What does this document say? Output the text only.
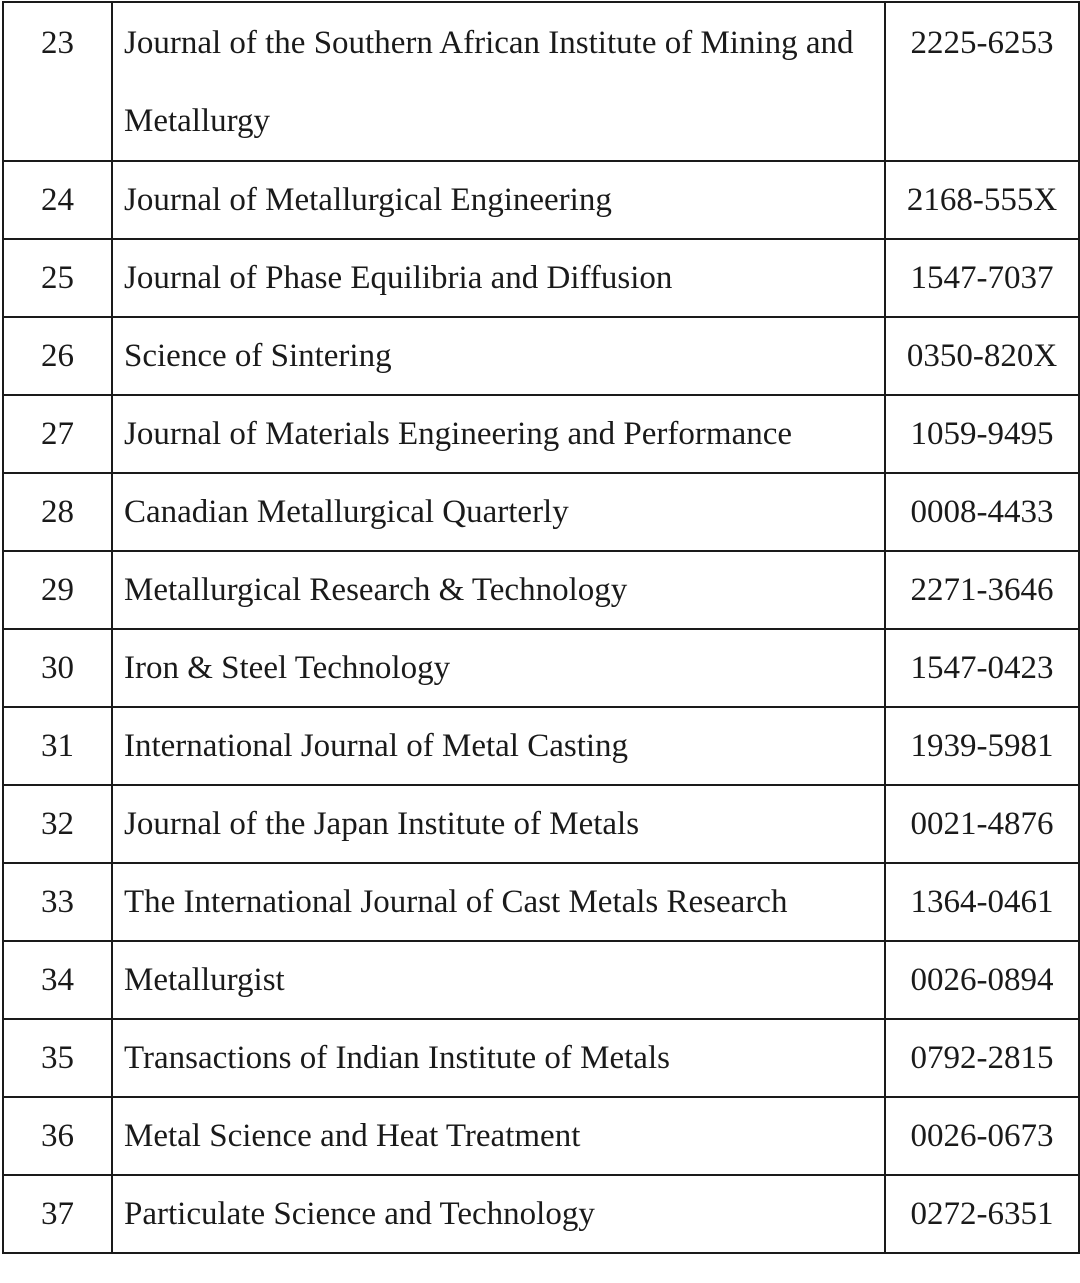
23	Journal of the Southern African Institute of Mining and Metallurgy	2225-6253
24	Journal of Metallurgical Engineering	2168-555X
25	Journal of Phase Equilibria and Diffusion	1547-7037
26	Science of Sintering	0350-820X
27	Journal of Materials Engineering and Performance	1059-9495
28	Canadian Metallurgical Quarterly	0008-4433
29	Metallurgical Research & Technology	2271-3646
30	Iron & Steel Technology	1547-0423
31	International Journal of Metal Casting	1939-5981
32	Journal of the Japan Institute of Metals	0021-4876
33	The International Journal of Cast Metals Research	1364-0461
34	Metallurgist	0026-0894
35	Transactions of Indian Institute of Metals	0792-2815
36	Metal Science and Heat Treatment	0026-0673
37	Particulate Science and Technology	0272-6351
